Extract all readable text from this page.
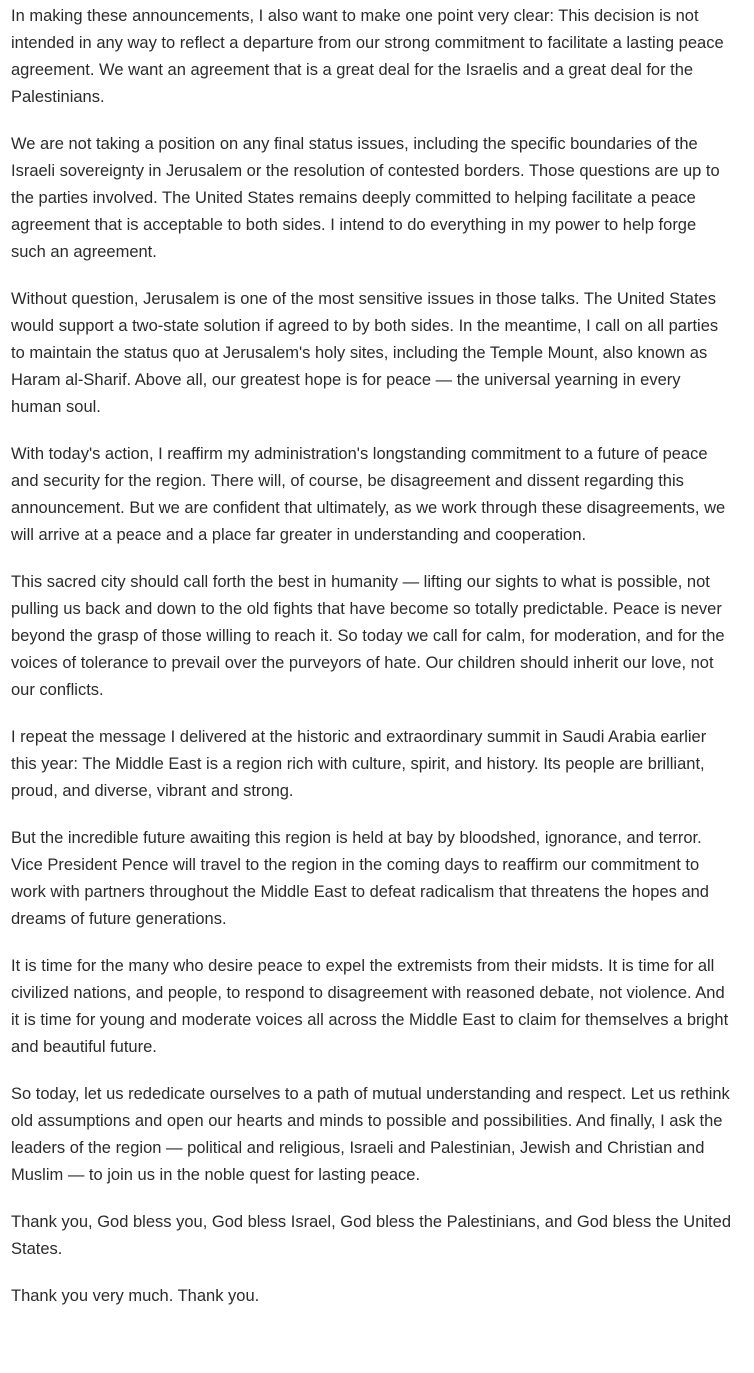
In making these announcements, I also want to make one point very clear: This decision is not intended in any way to reflect a departure from our strong commitment to facilitate a lasting peace agreement. We want an agreement that is a great deal for the Israelis and a great deal for the Palestinians.

We are not taking a position on any final status issues, including the specific boundaries of the Israeli sovereignty in Jerusalem or the resolution of contested borders. Those questions are up to the parties involved. The United States remains deeply committed to helping facilitate a peace agreement that is acceptable to both sides. I intend to do everything in my power to help forge such an agreement.

Without question, Jerusalem is one of the most sensitive issues in those talks. The United States would support a two-state solution if agreed to by both sides. In the meantime, I call on all parties to maintain the status quo at Jerusalem's holy sites, including the Temple Mount, also known as Haram al-Sharif. Above all, our greatest hope is for peace — the universal yearning in every human soul.

With today's action, I reaffirm my administration's longstanding commitment to a future of peace and security for the region. There will, of course, be disagreement and dissent regarding this announcement. But we are confident that ultimately, as we work through these disagreements, we will arrive at a peace and a place far greater in understanding and cooperation.

This sacred city should call forth the best in humanity — lifting our sights to what is possible, not pulling us back and down to the old fights that have become so totally predictable. Peace is never beyond the grasp of those willing to reach it. So today we call for calm, for moderation, and for the voices of tolerance to prevail over the purveyors of hate. Our children should inherit our love, not our conflicts.

I repeat the message I delivered at the historic and extraordinary summit in Saudi Arabia earlier this year: The Middle East is a region rich with culture, spirit, and history. Its people are brilliant, proud, and diverse, vibrant and strong.

But the incredible future awaiting this region is held at bay by bloodshed, ignorance, and terror. Vice President Pence will travel to the region in the coming days to reaffirm our commitment to work with partners throughout the Middle East to defeat radicalism that threatens the hopes and dreams of future generations.

It is time for the many who desire peace to expel the extremists from their midsts. It is time for all civilized nations, and people, to respond to disagreement with reasoned debate, not violence. And it is time for young and moderate voices all across the Middle East to claim for themselves a bright and beautiful future.

So today, let us rededicate ourselves to a path of mutual understanding and respect. Let us rethink old assumptions and open our hearts and minds to possible and possibilities. And finally, I ask the leaders of the region — political and religious, Israeli and Palestinian, Jewish and Christian and Muslim — to join us in the noble quest for lasting peace.

Thank you, God bless you, God bless Israel, God bless the Palestinians, and God bless the United States.

Thank you very much. Thank you.
